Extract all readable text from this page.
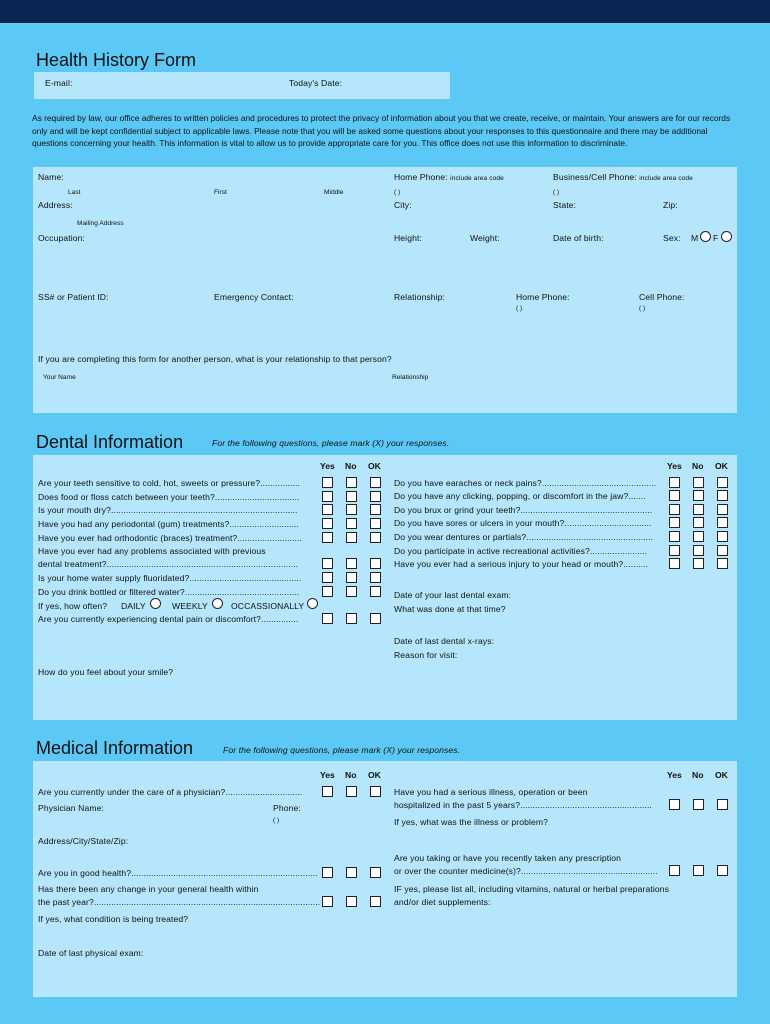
Health History Form
E-mail:	Today's Date:
As required by law, our office adheres to written policies and procedures to protect the privacy of information about you that we create, receive, or maintain. Your answers are for our records only and will be kept confidential subject to applicable laws. Please note that you will be asked some questions about your responses to this questionnaire and there may be additional questions concerning your health. This information is vital to allow us to provide appropriate care for you. This office does not use this information to discriminate.
Name:
Last	First	Middle
Home Phone: include area code	Business/Cell Phone: include area code
( )	( )
Address:	City:	State:	Zip:
Mailing Address
Occupation:	Height:	Weight:	Date of birth:	Sex: M F
SS# or Patient ID:	Emergency Contact:	Relationship:	Home Phone:	Cell Phone:
( )	( )
If you are completing this form for another person, what is your relationship to that person?
Your Name	Relationship
Dental Information	For the following questions, please mark (X) your responses.
Yes No OK	Yes No OK
Are your teeth sensitive to cold, hot, sweets or pressure?................
Does food or floss catch between your teeth?..................................
Is your mouth dry?...........................................................................
Have you had any periodontal (gum) treatments?............................
Have you ever had orthodontic (braces) treatment?..........................
Have you ever had any problems associated with previous
dental treatment?.............................................................................
Is your home water supply fluoridated?.............................................
Do you drink bottled or filtered water?..............................................
If yes, how often? DAILY	WEEKLY	OCCASSIONALLY
Are you currently experiencing dental pain or discomfort?...............
Do you have earaches or neck pains?..............................................
Do you have any clicking, popping, or discomfort in the jaw?.......
Do you brux or grind your teeth?.....................................................
Do you have sores or ulcers in your mouth?...................................
Do you wear dentures or partials?...................................................
Do you participate in active recreational activities?.......................
Have you ever had a serious injury to your head or mouth?..........
Date of your last dental exam:
What was done at that time?
Date of last dental x-rays:
Reason for visit:
How do you feel about your smile?
Medical Information	For the following questions, please mark (X) your responses.
Yes No OK	Yes No OK
Are you currently under the care of a physician?...............................
Physician Name:	Phone:
( )
Address/City/State/Zip:
Are you in good health?...........................................................................
Has there been any change in your general health within
the past year?...........................................................................................
If yes, what condition is being treated?
Date of last physical exam:
Have you had a serious illness, operation or been
hospitalized in the past 5 years?.....................................................
If yes, what was the illness or problem?
Are you taking or have you recently taken any prescription
or over the counter medicine(s)?.......................................................
IF yes, please list all, including vitamins, natural or herbal preparations
and/or diet supplements:
